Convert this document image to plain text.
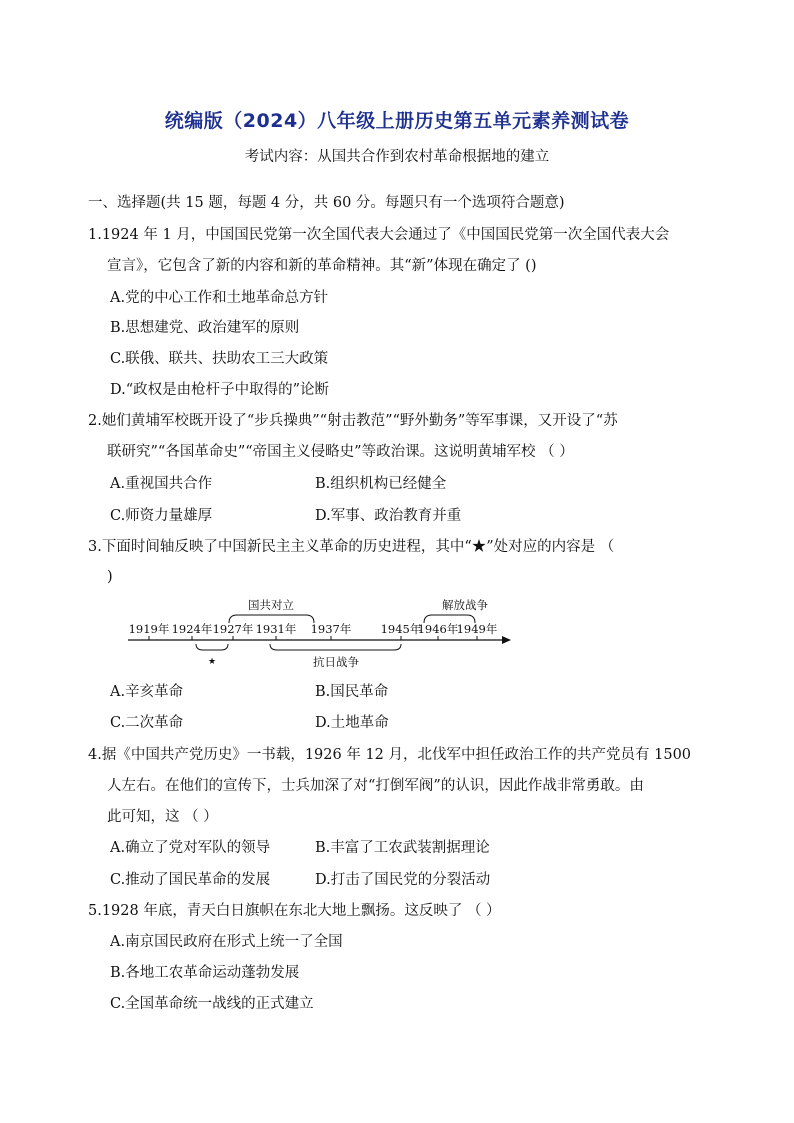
统编版（2024）八年级上册历史第五单元素养测试卷
考试内容：从国共合作到农村革命根据地的建立
一、选择题(共 15 题，每题 4 分，共 60 分。每题只有一个选项符合题意)
1.1924 年 1 月，中国国民党第一次全国代表大会通过了《中国国民党第一次全国代表大会
宣言》，它包含了新的内容和新的革命精神。其“新”体现在确定了 ()
A.党的中心工作和土地革命总方针
B.思想建党、政治建军的原则
C.联俄、联共、扶助农工三大政策
D.“政权是由枪杆子中取得的”论断
2.她们黄埔军校既开设了“步兵操典”“射击教范”“野外勤务”等军事课，又开设了“苏
联研究”“各国革命史”“帝国主义侵略史”等政治课。这说明黄埔军校 （ ）
A.重视国共合作	B.组织机构已经健全
C.师资力量雄厚	D.军事、政治教育并重
3.下面时间轴反映了中国新民主主义革命的历史进程，其中“★”处对应的内容是 （
)
国共对立	解放战争
1919年 1924年 1927年 1931年 1937年	1945年
1946年
1949年
★	抗日战争
A.辛亥革命	B.国民革命
C.二次革命	D.土地革命
4.据《中国共产党历史》一书载，1926 年 12 月，北伐军中担任政治工作的共产党员有 1500
人左右。在他们的宣传下，士兵加深了对“打倒军阀”的认识，因此作战非常勇敢。由
此可知，这 （ ）
A.确立了党对军队的领导	B.丰富了工农武装割据理论
C.推动了国民革命的发展	D.打击了国民党的分裂活动
5.1928 年底，青天白日旗帜在东北大地上飘扬。这反映了 （ ）
A.南京国民政府在形式上统一了全国
B.各地工农革命运动蓬勃发展
C.全国革命统一战线的正式建立
